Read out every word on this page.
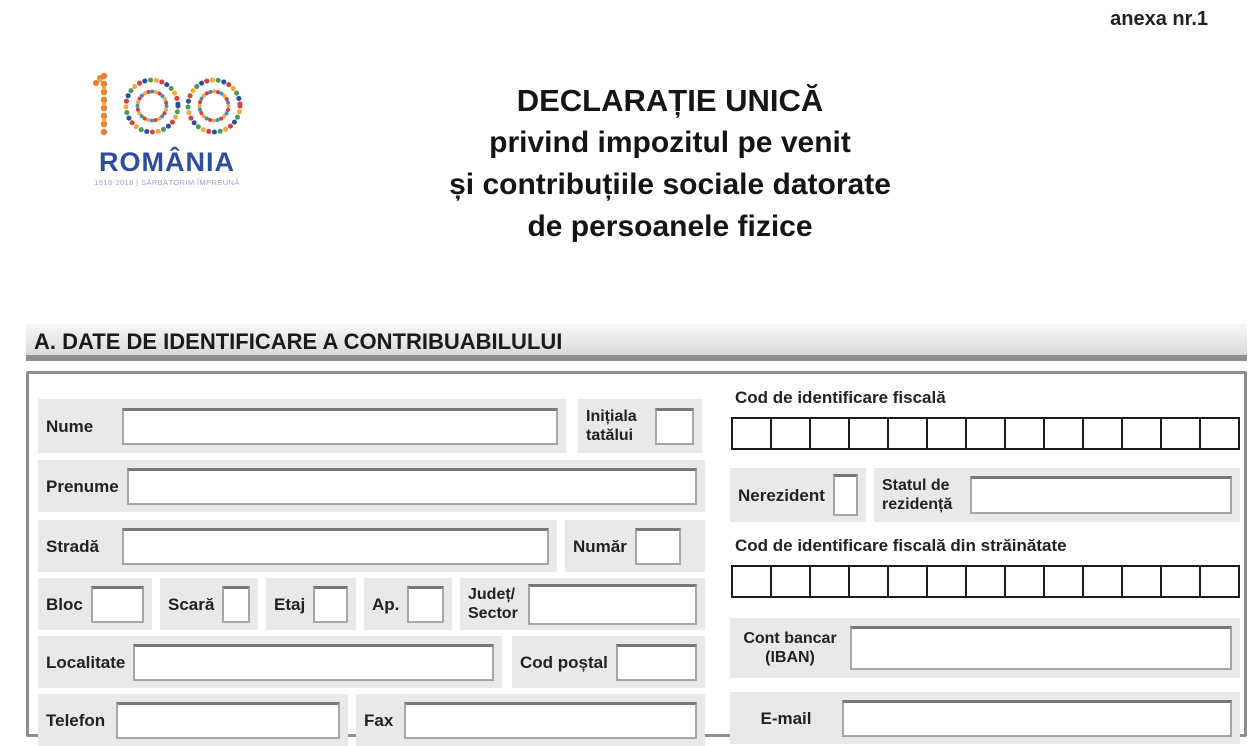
anexa nr.1
ROMÂNIA
1918-2018 | SĂRBĂTORIM ÎMPREUNĂ
DECLARAȚIE UNICĂ
privind impozitul pe venit
și contribuțiile sociale datorate
de persoanele fizice
A. DATE DE IDENTIFICARE A CONTRIBUABILULUI
Nume	Inițiala tatălui
Prenume
Stradă	Număr
Bloc	Scară	Etaj	Ap.	Județ/ Sector
Localitate	Cod poștal
Telefon	Fax
Cod de identificare fiscală
Nerezident	Statul de rezidență
Cod de identificare fiscală din străinătate
Cont bancar (IBAN)
E-mail
